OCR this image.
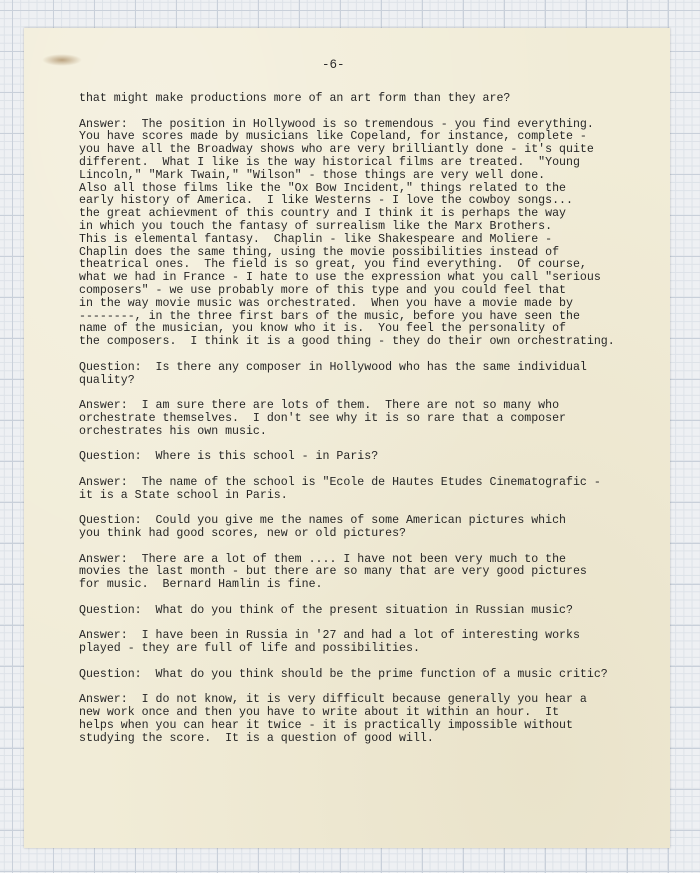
-6-

that might make productions more of an art form than they are?

Answer:  The position in Hollywood is so tremendous - you find everything.
You have scores made by musicians like Copeland, for instance, complete -
you have all the Broadway shows who are very brilliantly done - it's quite
different.  What I like is the way historical films are treated.  "Young
Lincoln," "Mark Twain," "Wilson" - those things are very well done.
Also all those films like the "Ox Bow Incident," things related to the
early history of America.  I like Westerns - I love the cowboy songs...
the great achievment of this country and I think it is perhaps the way
in which you touch the fantasy of surrealism like the Marx Brothers.
This is elemental fantasy.  Chaplin - like Shakespeare and Moliere -
Chaplin does the same thing, using the movie possibilities instead of
theatrical ones.  The field is so great, you find everything.  Of course,
what we had in France - I hate to use the expression what you call "serious
composers" - we use probably more of this type and you could feel that
in the way movie music was orchestrated.  When you have a movie made by
--------, in the three first bars of the music, before you have seen the
name of the musician, you know who it is.  You feel the personality of
the composers.  I think it is a good thing - they do their own orchestrating.

Question:  Is there any composer in Hollywood who has the same individual
quality?

Answer:  I am sure there are lots of them.  There are not so many who
orchestrate themselves.  I don't see why it is so rare that a composer
orchestrates his own music.

Question:  Where is this school - in Paris?

Answer:  The name of the school is "Ecole de Hautes Etudes Cinematografic -
it is a State school in Paris.

Question:  Could you give me the names of some American pictures which
you think had good scores, new or old pictures?

Answer:  There are a lot of them .... I have not been very much to the
movies the last month - but there are so many that are very good pictures
for music.  Bernard Hamlin is fine.

Question:  What do you think of the present situation in Russian music?

Answer:  I have been in Russia in '27 and had a lot of interesting works
played - they are full of life and possibilities.

Question:  What do you think should be the prime function of a music critic?

Answer:  I do not know, it is very difficult because generally you hear a
new work once and then you have to write about it within an hour.  It
helps when you can hear it twice - it is practically impossible without
studying the score.  It is a question of good will.
